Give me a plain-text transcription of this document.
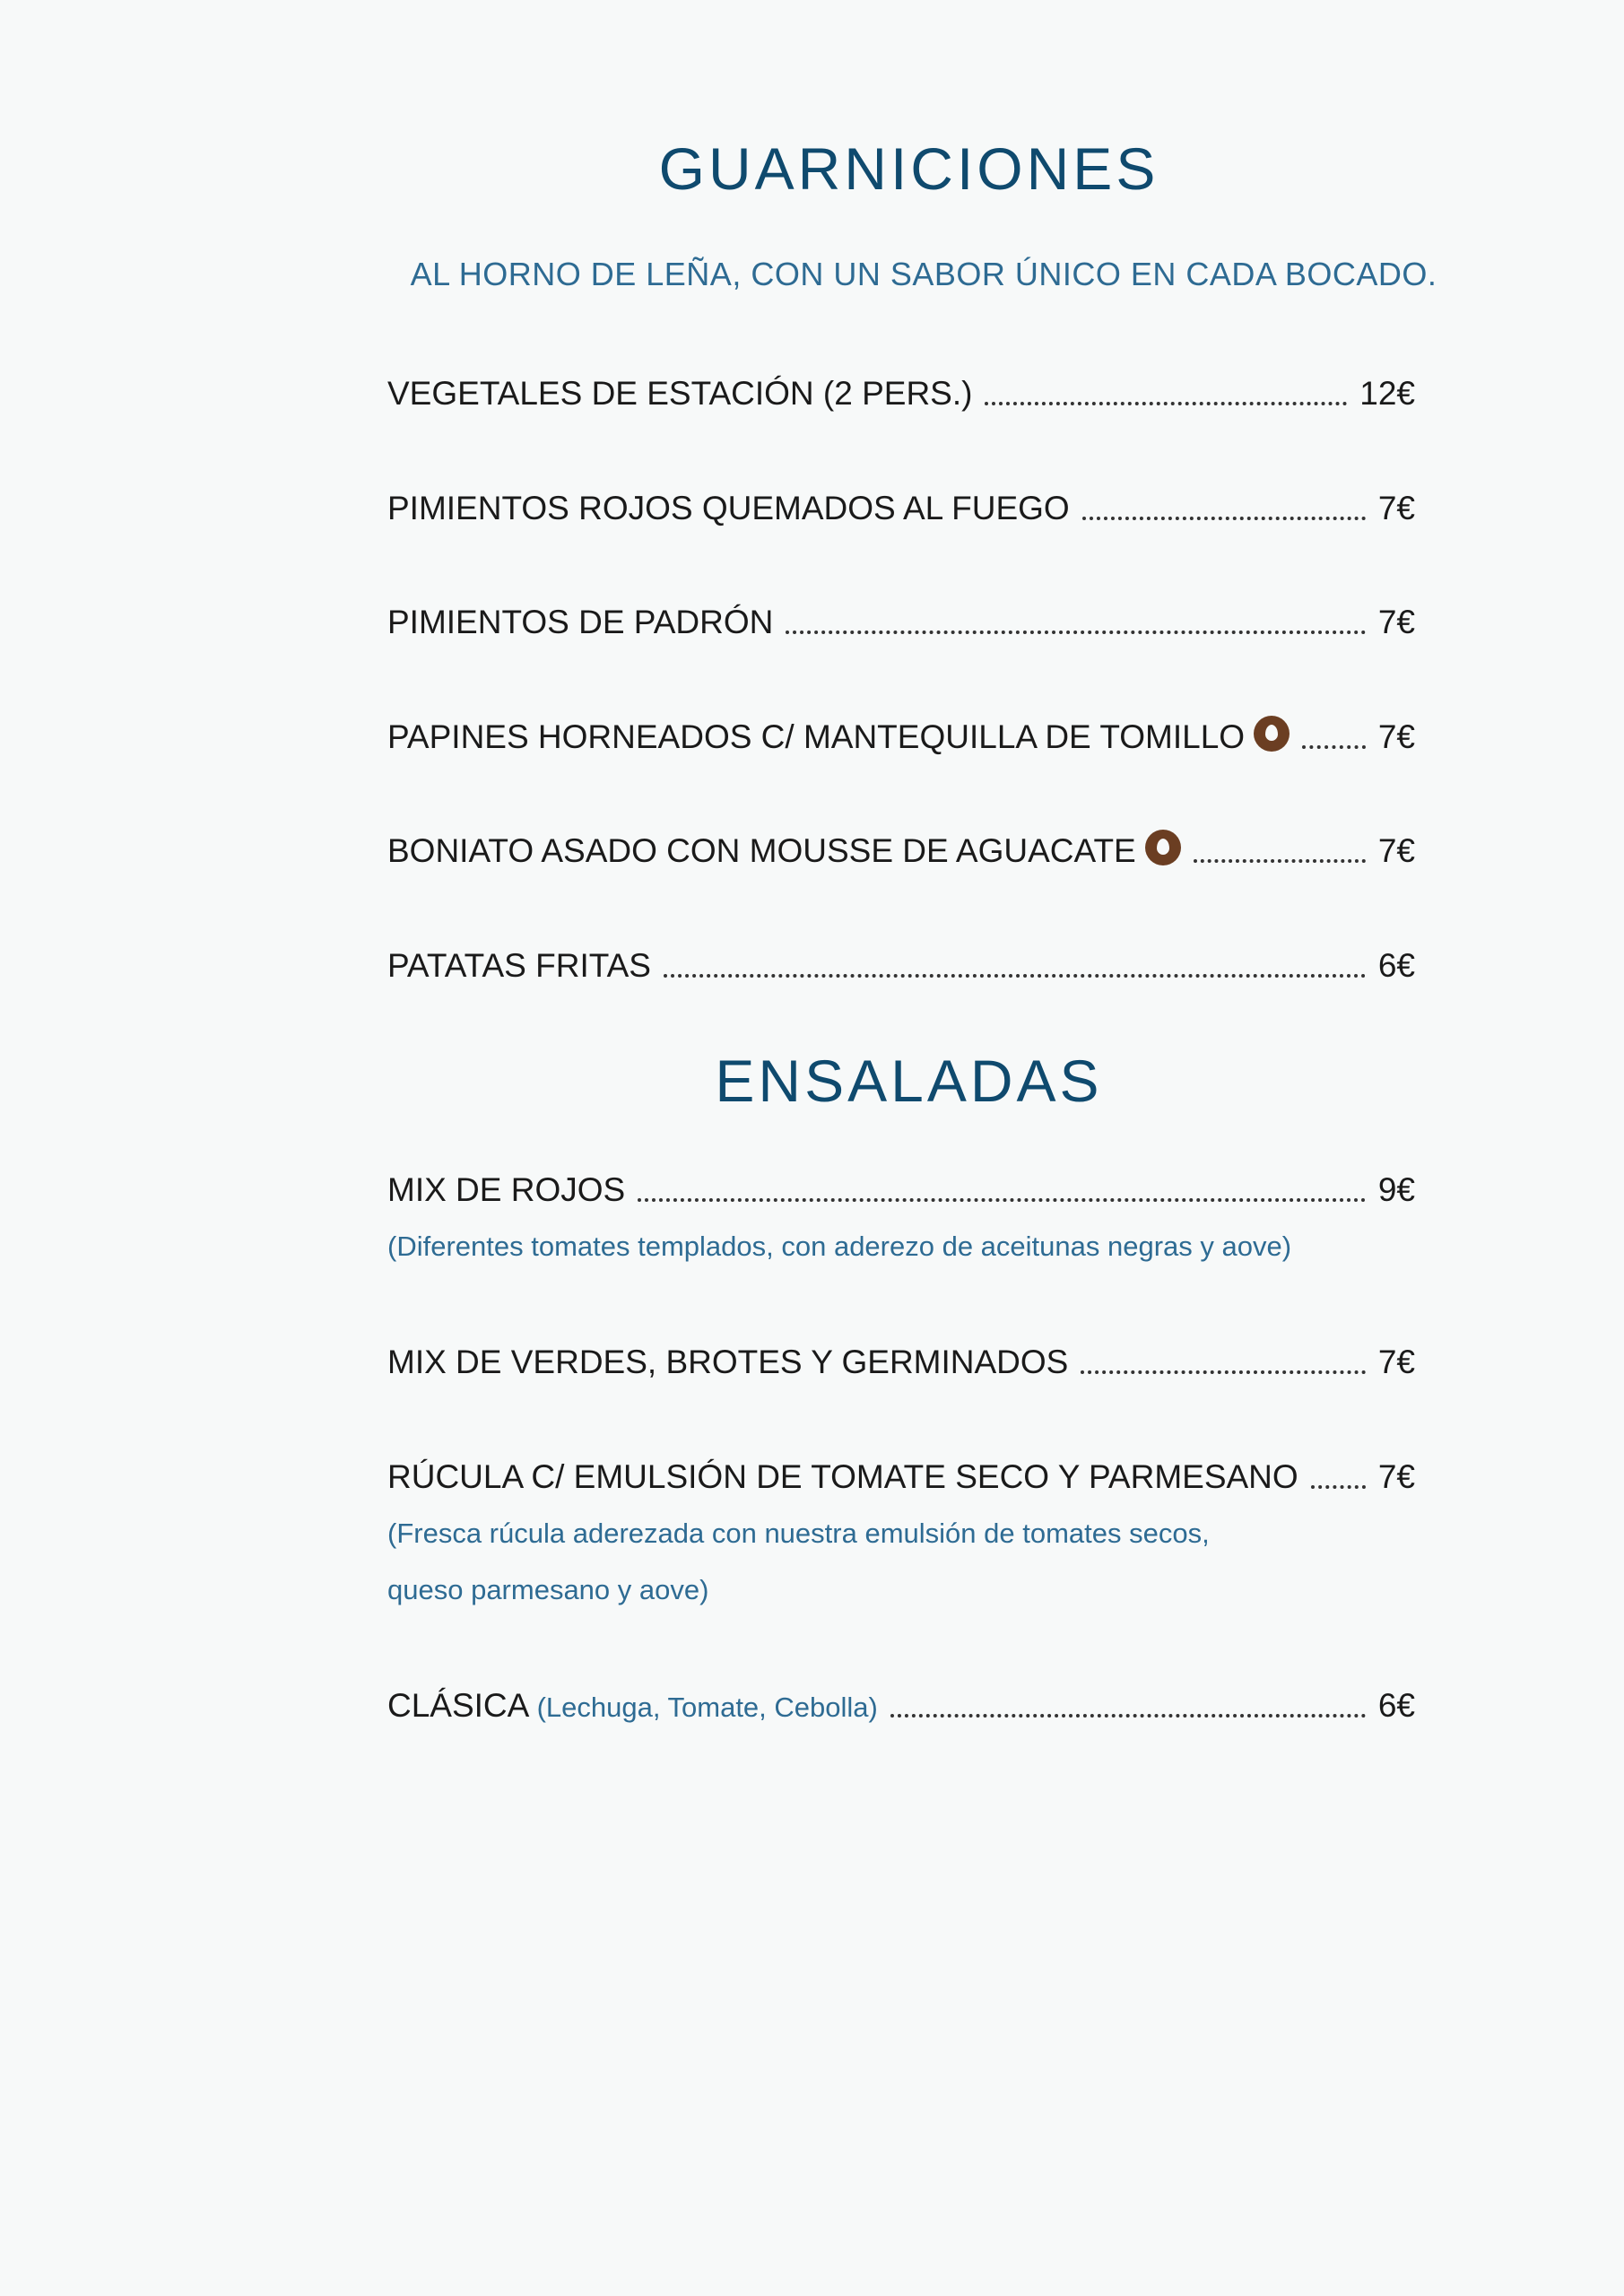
GUARNICIONES
AL HORNO DE LEÑA, CON UN SABOR ÚNICO EN CADA BOCADO.
VEGETALES DE ESTACIÓN (2 PERS.)	12€
PIMIENTOS ROJOS QUEMADOS AL FUEGO	7€
PIMIENTOS DE PADRÓN	7€
PAPINES HORNEADOS C/ MANTEQUILLA DE TOMILLO	7€
BONIATO ASADO CON MOUSSE DE AGUACATE	7€
PATATAS FRITAS	6€
ENSALADAS
MIX DE ROJOS	9€
(Diferentes tomates templados, con aderezo de aceitunas negras y aove)
MIX DE VERDES, BROTES Y GERMINADOS	7€
RÚCULA C/ EMULSIÓN DE TOMATE SECO Y PARMESANO 7€
(Fresca rúcula aderezada con nuestra emulsión de tomates secos,
queso parmesano y aove)
CLÁSICA (Lechuga, Tomate, Cebolla)	6€
